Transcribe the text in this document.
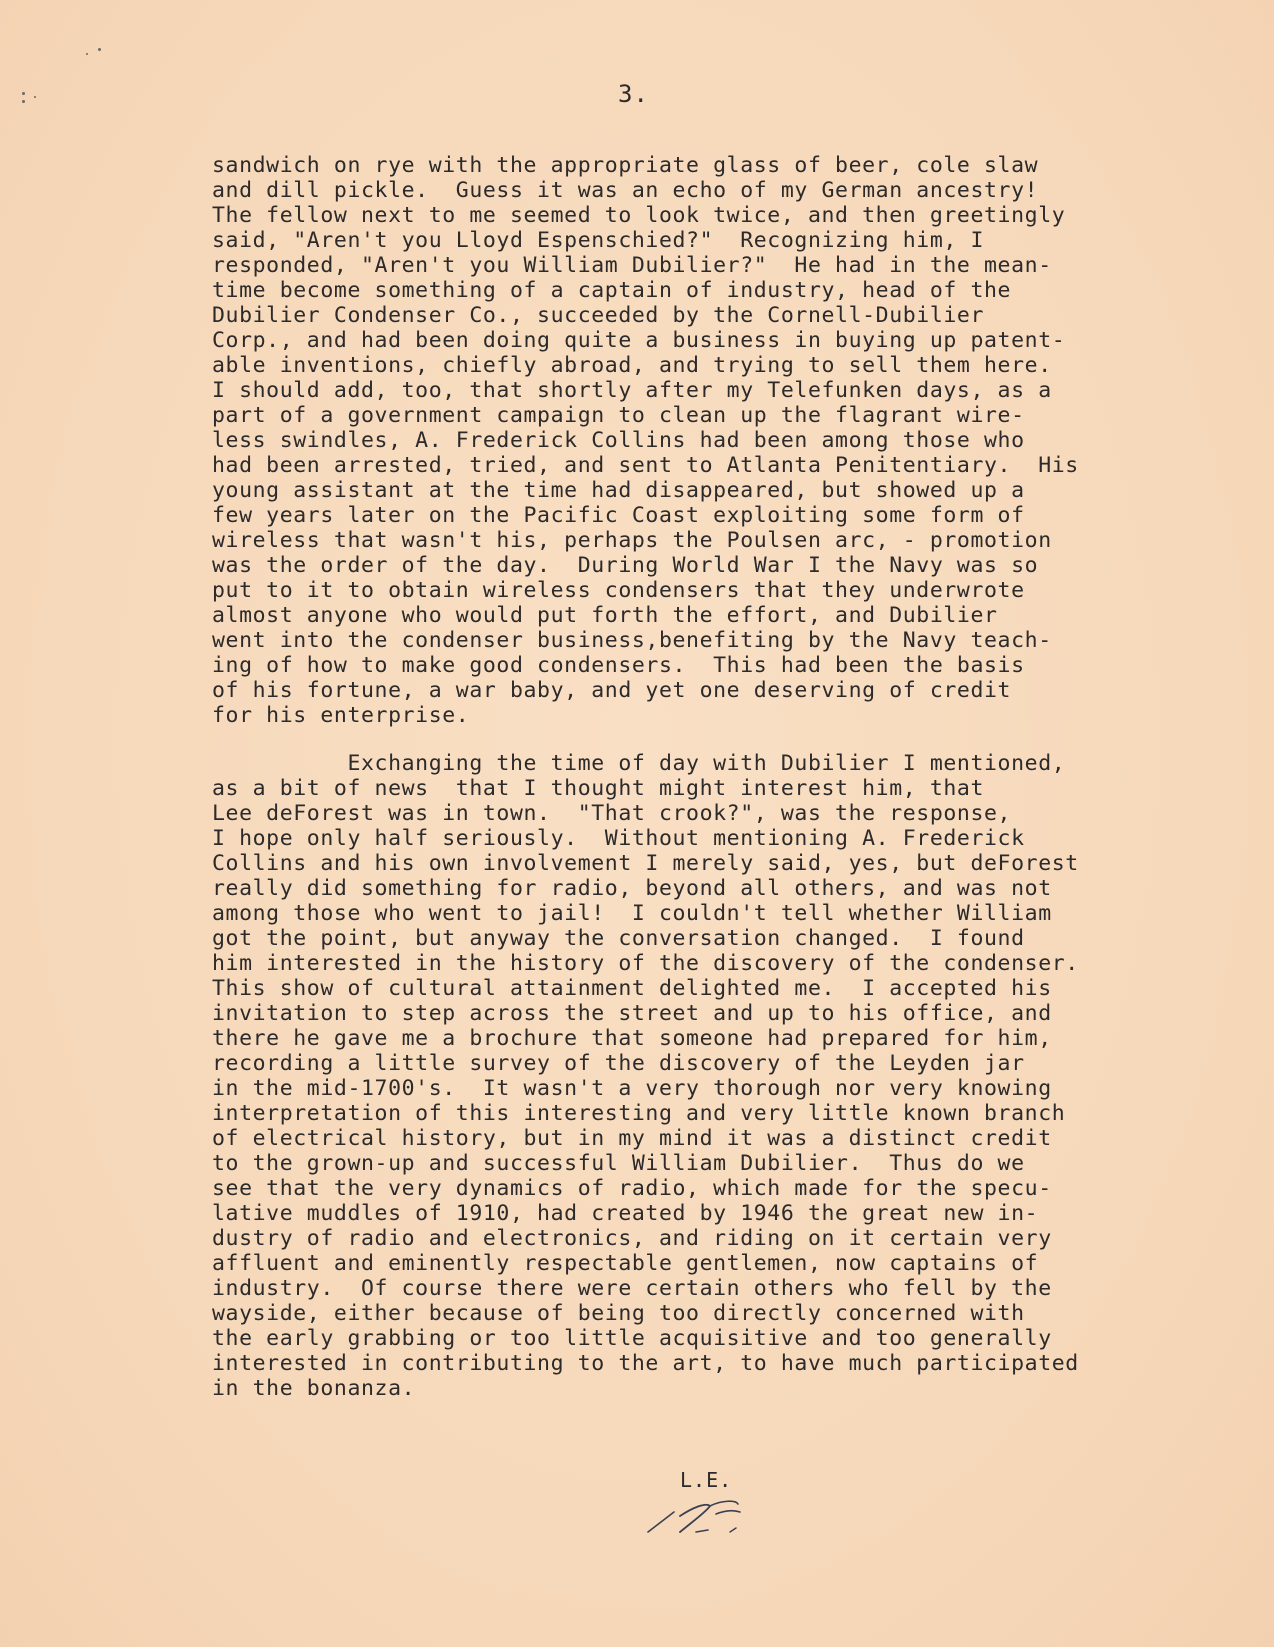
3.
sandwich on rye with the appropriate glass of beer, cole slaw
and dill pickle.  Guess it was an echo of my German ancestry!
The fellow next to me seemed to look twice, and then greetingly
said, "Aren't you Lloyd Espenschied?"  Recognizing him, I
responded, "Aren't you William Dubilier?"  He had in the mean-
time become something of a captain of industry, head of the
Dubilier Condenser Co., succeeded by the Cornell-Dubilier
Corp., and had been doing quite a business in buying up patent-
able inventions, chiefly abroad, and trying to sell them here.
I should add, too, that shortly after my Telefunken days, as a
part of a government campaign to clean up the flagrant wire-
less swindles, A. Frederick Collins had been among those who
had been arrested, tried, and sent to Atlanta Penitentiary.  His
young assistant at the time had disappeared, but showed up a
few years later on the Pacific Coast exploiting some form of
wireless that wasn't his, perhaps the Poulsen arc, - promotion
was the order of the day.  During World War I the Navy was so
put to it to obtain wireless condensers that they underwrote
almost anyone who would put forth the effort, and Dubilier
went into the condenser business,benefiting by the Navy teach-
ing of how to make good condensers.  This had been the basis
of his fortune, a war baby, and yet one deserving of credit
for his enterprise.
Exchanging the time of day with Dubilier I mentioned,
as a bit of news  that I thought might interest him, that
Lee deForest was in town.  "That crook?", was the response,
I hope only half seriously.  Without mentioning A. Frederick
Collins and his own involvement I merely said, yes, but deForest
really did something for radio, beyond all others, and was not
among those who went to jail!  I couldn't tell whether William
got the point, but anyway the conversation changed.  I found
him interested in the history of the discovery of the condenser.
This show of cultural attainment delighted me.  I accepted his
invitation to step across the street and up to his office, and
there he gave me a brochure that someone had prepared for him,
recording a little survey of the discovery of the Leyden jar
in the mid-1700's.  It wasn't a very thorough nor very knowing
interpretation of this interesting and very little known branch
of electrical history, but in my mind it was a distinct credit
to the grown-up and successful William Dubilier.  Thus do we
see that the very dynamics of radio, which made for the specu-
lative muddles of 1910, had created by 1946 the great new in-
dustry of radio and electronics, and riding on it certain very
affluent and eminently respectable gentlemen, now captains of
industry.  Of course there were certain others who fell by the
wayside, either because of being too directly concerned with
the early grabbing or too little acquisitive and too generally
interested in contributing to the art, to have much participated
in the bonanza.
L.E.
